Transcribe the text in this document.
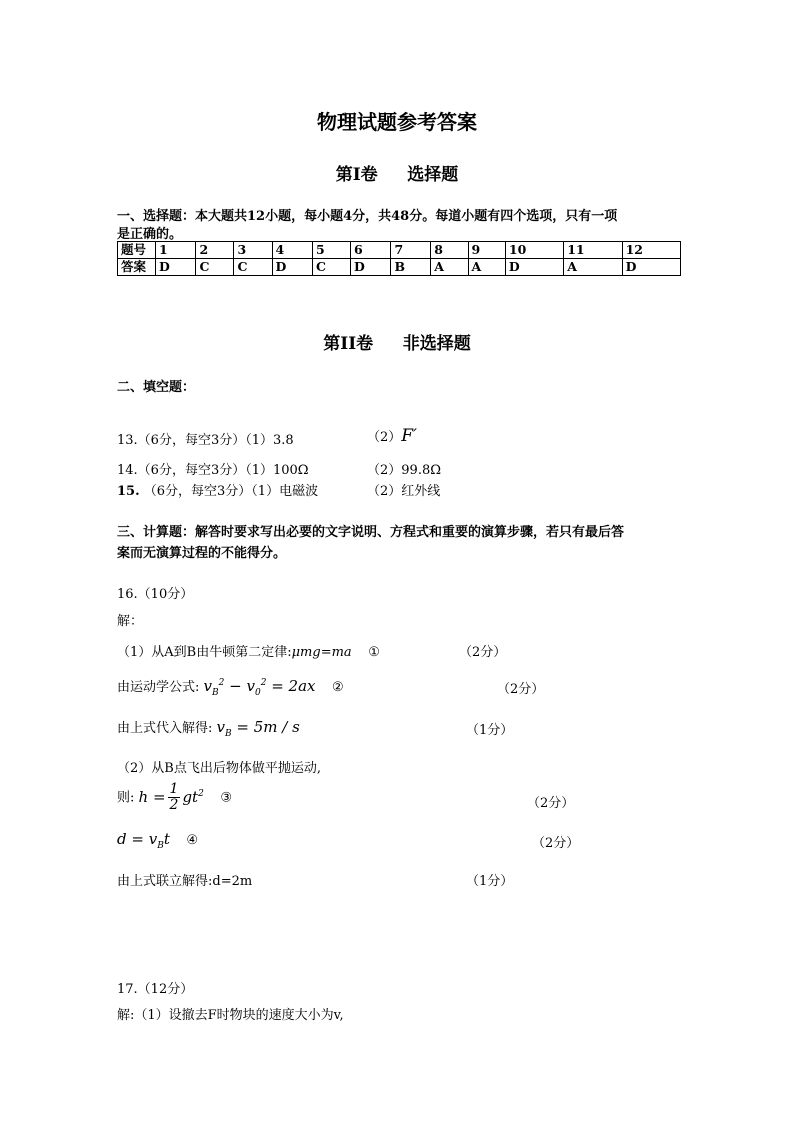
物理试题参考答案
第Ⅰ卷 选择题
一、选择题：本大题共12小题，每小题4分，共48分。每道小题有四个选项，只有一项
是正确的。
题号	1	2	3	4	5	6	7	8	9	10	11	12
答案	D	C	C	D	C	D	B	A	A	D	A	D
第II卷 非选择题
二、填空题：
13.（6分，每空3分）（1）3.8	（2）F′
14.（6分，每空3分）（1）100Ω	（2）99.8Ω
15. （6分，每空3分）（1）电磁波	（2）红外线
三、计算题：解答时要求写出必要的文字说明、方程式和重要的演算步骤，若只有最后答
案而无演算过程的不能得分。
16.（10分）
解：
（1）从A到B由牛顿第二定律:μmg=ma ①	（2分）
由运动学公式: $v_B^2 - v_0^2 = 2ax$ ②	（2分）
由上式代入解得: $v_B = 5m / s$	（1分）
（2）从B点飞出后物体做平抛运动,
则: $h = \frac{1}{2} gt^2$ ③	（2分）
$d = v_Bt$ ④	（2分）
由上式联立解得:d=2m	（1分）
17.（12分）
解:（1）设撤去F时物块的速度大小为v,
